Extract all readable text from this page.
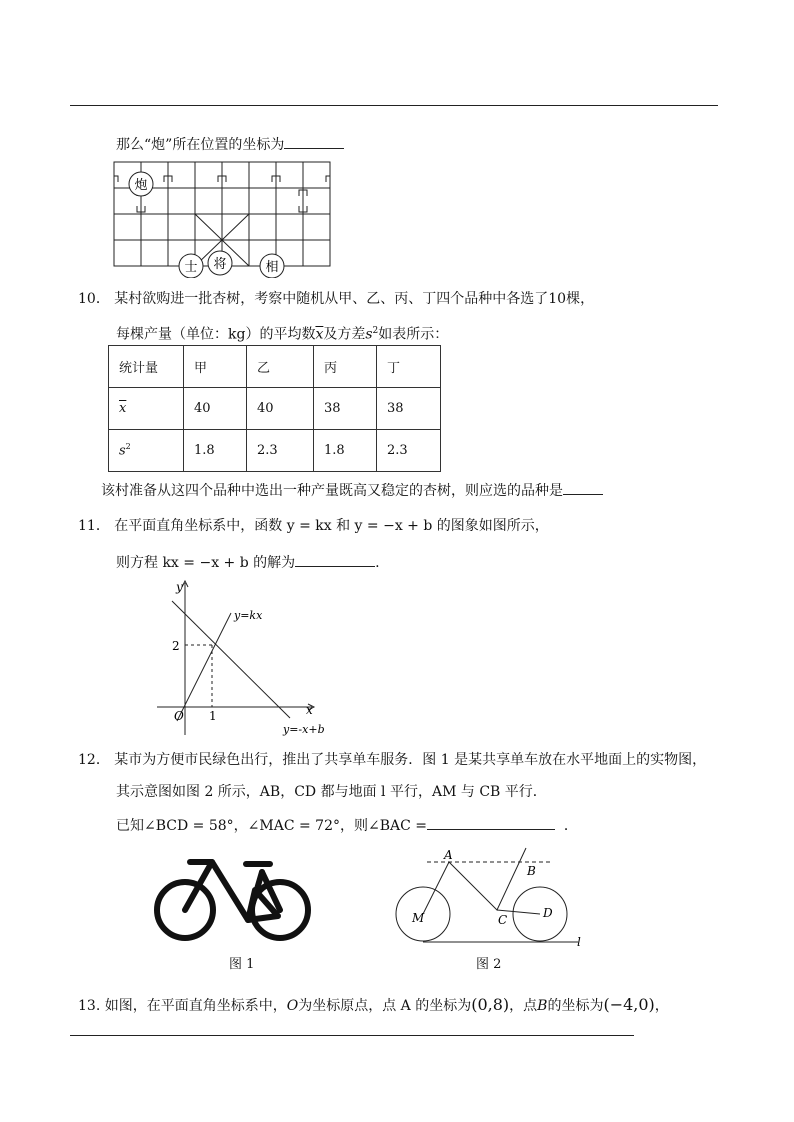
那么“炮”所在位置的坐标为
炮
士 将	相
10． 某村欲购进一批杏树，考察中随机从甲、乙、丙、丁四个品种中各选了10棵，
每棵产量（单位：kg）的平均数$\overline{x}$及方差$s^2$如表所示：
统计量	甲	乙	丙	丁
$\overline{x}$	40	40	38	38
$s^2$	1.8	2.3	1.8	2.3
该村准备从这四个品种中选出一种产量既高又稳定的杏树，则应选的品种是
11． 在平面直角坐标系中，函数 y = kx 和 y = −x + b 的图象如图所示，
则方程 kx = −x + b 的解为	.
y
x
O
2
1
y=kx
y=-x+b
12． 某市为方便市民绿色出行，推出了共享单车服务．图 1 是某共享单车放在水平地面上的实物图，
其示意图如图 2 所示，AB，CD 都与地面 l 平行，AM 与 CB 平行．
已知∠BCD = 58°，∠MAC = 72°，则∠BAC =	．
图 1
A
B
C	D
M
l
图 2
13. 如图，在平面直角坐标系中，O为坐标原点，点 A 的坐标为(0,8)，点B的坐标为(−4,0)，
